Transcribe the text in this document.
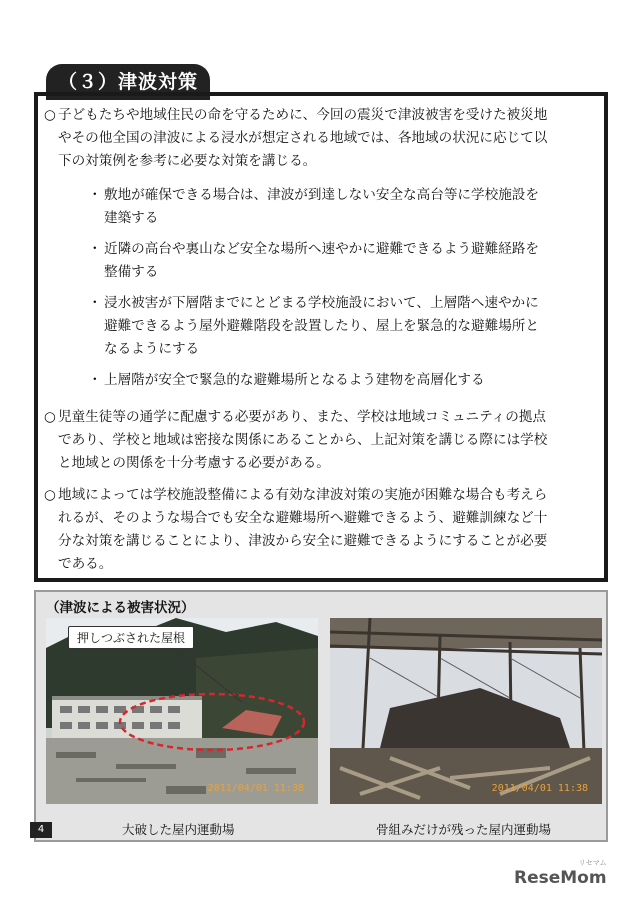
（３）津波対策
○ 子どもたちや地域住民の命を守るために、今回の震災で津波被害を受けた被災地
やその他全国の津波による浸水が想定される地域では、各地域の状況に応じて以
下の対策例を参考に必要な対策を講じる。
・ 敷地が確保できる場合は、津波が到達しない安全な高台等に学校施設を
建築する
・ 近隣の高台や裏山など安全な場所へ速やかに避難できるよう避難経路を
整備する
・ 浸水被害が下層階までにとどまる学校施設において、上層階へ速やかに
避難できるよう屋外避難階段を設置したり、屋上を緊急的な避難場所と
なるようにする
・ 上層階が安全で緊急的な避難場所となるよう建物を高層化する
○ 児童生徒等の通学に配慮する必要があり、また、学校は地域コミュニティの拠点
であり、学校と地域は密接な関係にあることから、上記対策を講じる際には学校
と地域との関係を十分考慮する必要がある。
○ 地域によっては学校施設整備による有効な津波対策の実施が困難な場合も考えら
れるが、そのような場合でも安全な避難場所へ避難できるよう、避難訓練など十
分な対策を講じることにより、津波から安全に避難できるようにすることが必要
である。
（津波による被害状況）
押しつぶされた屋根
2011/04/01 11:38
大破した屋内運動場
2011/04/01 11:38
骨組みだけが残った屋内運動場
4
ReseMom
リセマム
